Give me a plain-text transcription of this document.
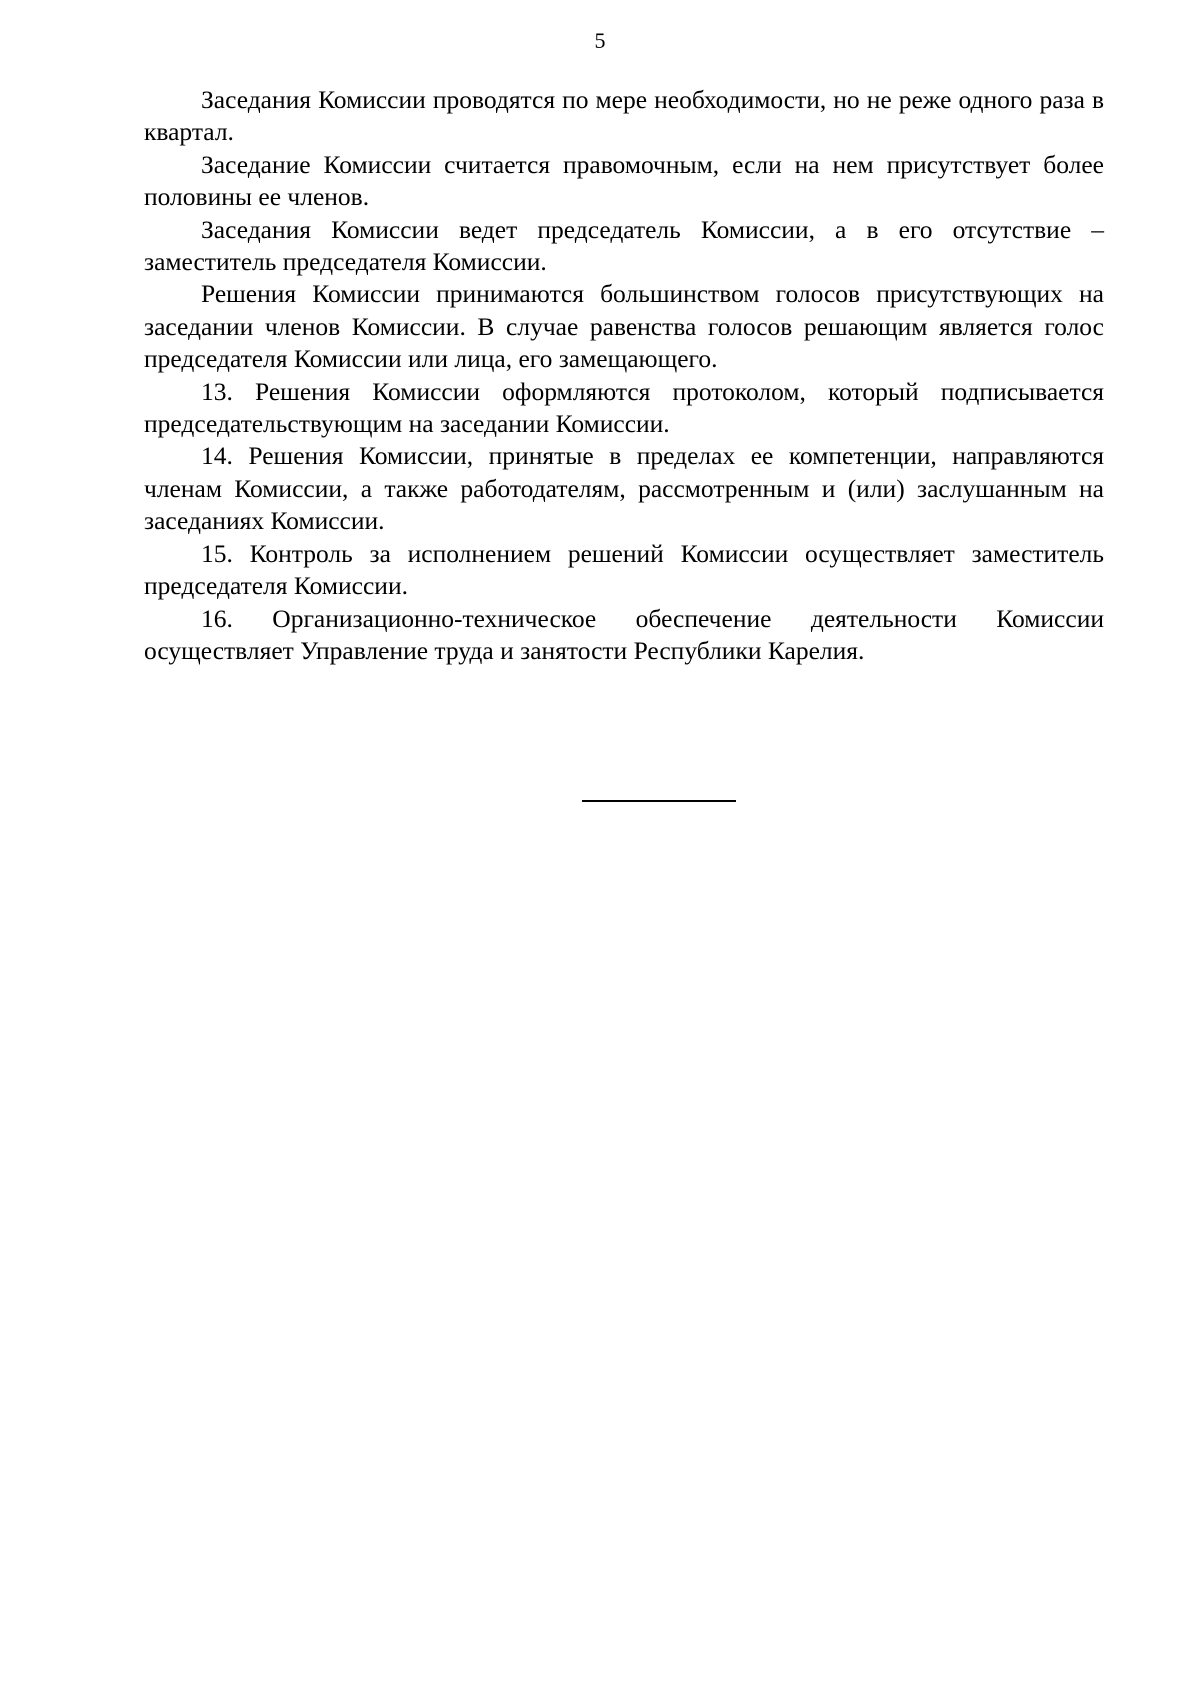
5

Заседания Комиссии проводятся по мере необходимости, но не реже одного раза в квартал.

Заседание Комиссии считается правомочным, если на нем присутствует более половины ее членов.

Заседания Комиссии ведет председатель Комиссии, а в его отсутствие – заместитель председателя Комиссии.

Решения Комиссии принимаются большинством голосов присутствующих на заседании членов Комиссии. В случае равенства голосов решающим является голос председателя Комиссии или лица, его замещающего.

13. Решения Комиссии оформляются протоколом, который подписывается председательствующим на заседании Комиссии.

14. Решения Комиссии, принятые в пределах ее компетенции, направляются членам Комиссии, а также работодателям, рассмотренным и (или) заслушанным на заседаниях Комиссии.

15. Контроль за исполнением решений Комиссии осуществляет заместитель председателя Комиссии.

16. Организационно-техническое обеспечение деятельности Комиссии осуществляет Управление труда и занятости Республики Карелия.
